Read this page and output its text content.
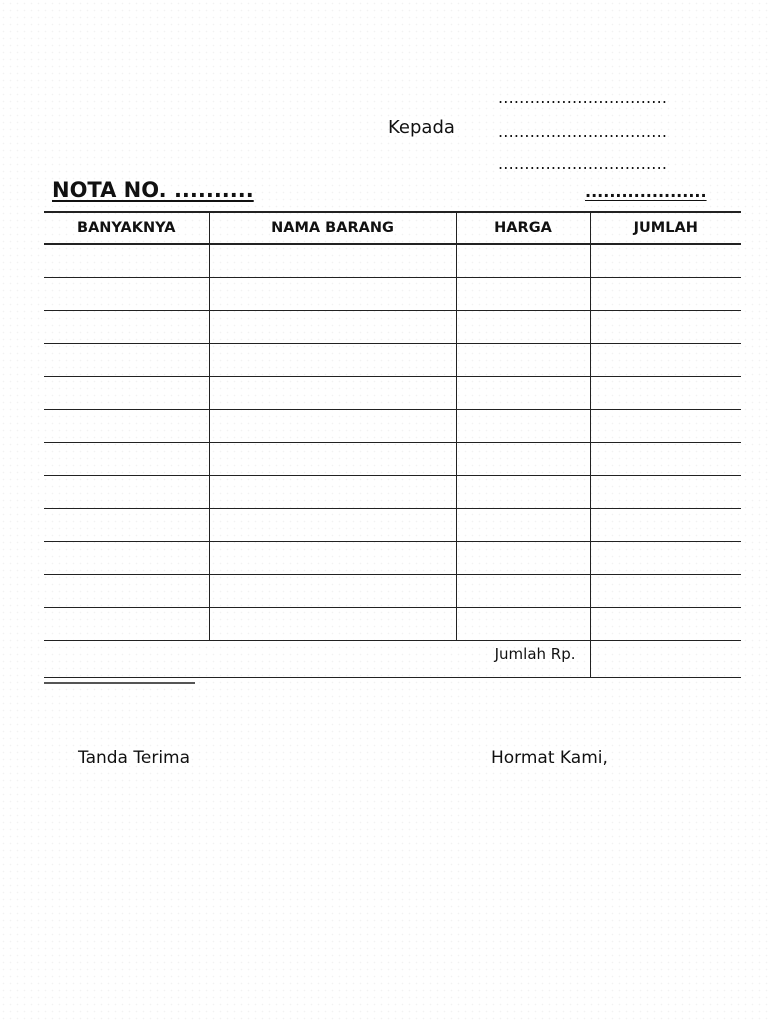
................................
Kepada	................................
................................
NOTA NO. ..........	....................
BANYAKNYA	NAMA BARANG	HARGA	JUMLAH

		Jumlah Rp.	
Tanda Terima	Hormat Kami,
